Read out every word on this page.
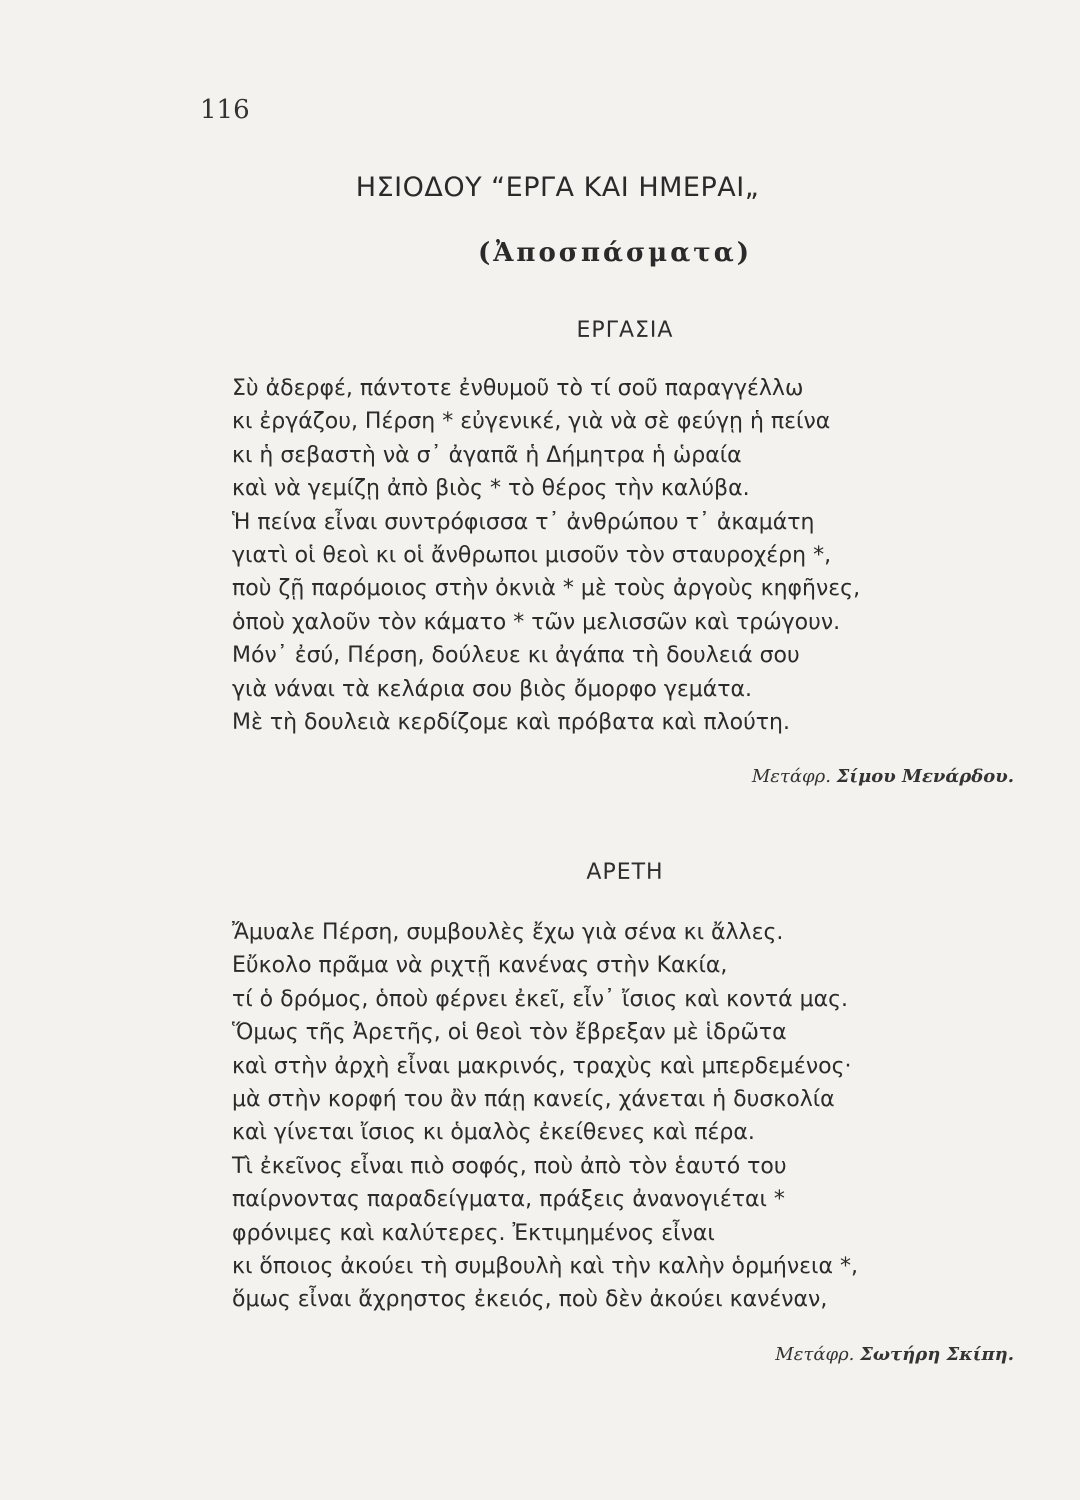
116
ΗΣΙΟΔΟΥ “ΕΡΓΑ ΚΑΙ ΗΜΕΡΑΙ„
(Ἀποσπάσματα)
ΕΡΓΑΣΙΑ
Σὺ ἀδερφέ, πάντοτε ἐνθυμοῦ τὸ τί σοῦ παραγγέλλω
κι ἐργάζου, Πέρση * εὐγενικέ, γιὰ νὰ σὲ φεύγῃ ἡ πείνα
κι ἡ σεβαστὴ νὰ σ᾽ ἀγαπᾶ ἡ Δήμητρα ἡ ὡραία
καὶ νὰ γεμίζῃ ἀπὸ βιὸς * τὸ θέρος τὴν καλύβα.
Ἡ πείνα εἶναι συντρόφισσα τ᾽ ἀνθρώπου τ᾽ ἀκαμάτη
γιατὶ οἱ θεοὶ κι οἱ ἄνθρωποι μισοῦν τὸν σταυροχέρη *,
ποὺ ζῇ παρόμοιος στὴν ὀκνιὰ * μὲ τοὺς ἀργοὺς κηφῆνες,
ὁποὺ χαλοῦν τὸν κάματο * τῶν μελισσῶν καὶ τρώγουν.
Μόν᾽ ἐσύ, Πέρση, δούλευε κι ἀγάπα τὴ δουλειά σου
γιὰ νάναι τὰ κελάρια σου βιὸς ὄμορφο γεμάτα.
Μὲ τὴ δουλειὰ κερδίζομε καὶ πρόβατα καὶ πλούτη.
Μετάφρ. Σίμου Μενάρδου.
ΑΡΕΤΗ
Ἄμυαλε Πέρση, συμβουλὲς ἔχω γιὰ σένα κι ἄλλες.
Εὔκολο πρᾶμα νὰ ριχτῇ κανένας στὴν Κακία,
τί ὁ δρόμος, ὁποὺ φέρνει ἐκεῖ, εἶν᾽ ἴσιος καὶ κοντά μας.
Ὅμως τῆς Ἀρετῆς, οἱ θεοὶ τὸν ἔβρεξαν μὲ ἱδρῶτα
καὶ στὴν ἀρχὴ εἶναι μακρινός, τραχὺς καὶ μπερδεμένος·
μὰ στὴν κορφή του ἂν πάῃ κανείς, χάνεται ἡ δυσκολία
καὶ γίνεται ἴσιος κι ὁμαλὸς ἐκείθενες καὶ πέρα.
Τὶ ἐκεῖνος εἶναι πιὸ σοφός, ποὺ ἀπὸ τὸν ἑαυτό του
παίρνοντας παραδείγματα, πράξεις ἀνανογιέται *
φρόνιμες καὶ καλύτερες. Ἐκτιμημένος εἶναι
κι ὅποιος ἀκούει τὴ συμβουλὴ καὶ τὴν καλὴν ὁρμήνεια *,
ὅμως εἶναι ἄχρηστος ἐκειός, ποὺ δὲν ἀκούει κανέναν,
Μετάφρ. Σωτήρη Σκίπη.
